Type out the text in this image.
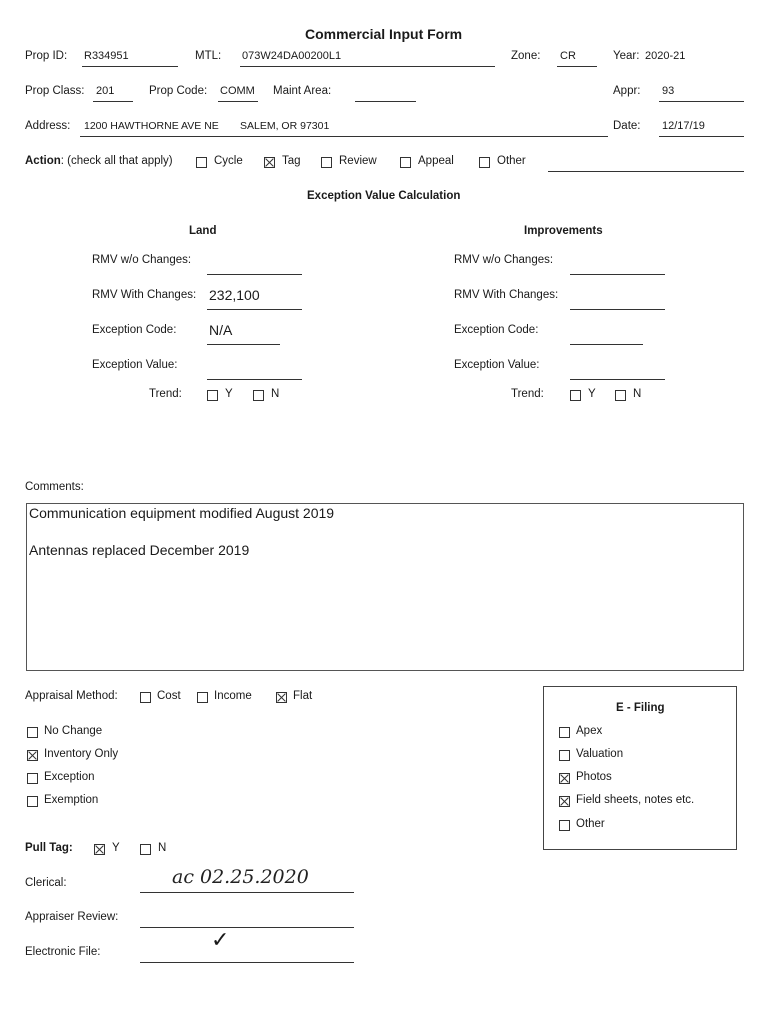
Commercial Input Form
Prop ID: R334951	MTL: 073W24DA00200L1	Zone: CR	Year: 2020-21
Prop Class: 201	Prop Code: COMM Maint Area:	Appr: 93
Address: 1200 HAWTHORNE AVE NE SALEM, OR 97301	Date: 12/17/19
Action: (check all that apply)	Cycle	Tag	Review	Appeal	Other
Exception Value Calculation
Land
RMV w/o Changes:
RMV With Changes: 232,100
Exception Code: N/A
Exception Value:
Trend:	Y	N
Improvements
RMV w/o Changes:
RMV With Changes:
Exception Code:
Exception Value:
Trend:	Y	N
Comments:
Communication equipment modified August 2019
Antennas replaced December 2019
Appraisal Method:	Cost	Income	Flat
No Change
Inventory Only
Exception
Exemption
E - Filing
Apex
Valuation
Photos
Field sheets, notes etc.
Other
Pull Tag:	Y	N
Clerical:	ac 02.25.2020
Appraiser Review:
Electronic File:	✓
